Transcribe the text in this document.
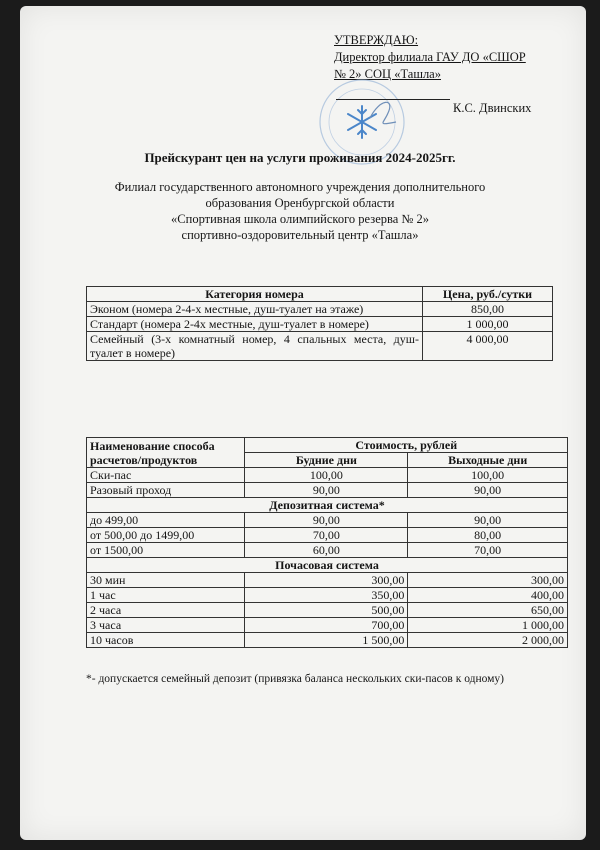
УТВЕРЖДАЮ:
Директор филиала ГАУ ДО «СШОР
№ 2» СОЦ «Ташла»
К.С. Двинских
Прейскурант цен на услуги проживания 2024-2025гг.
Филиал государственного автономного учреждения дополнительного
образования Оренбургской области
«Спортивная школа олимпийского резерва № 2»
спортивно-оздоровительный центр «Ташла»
Категория номера	Цена, руб./сутки
Эконом (номера 2-4-х местные, душ-туалет на этаже)	850,00
Стандарт (номера 2-4х местные, душ-туалет в номере)	1 000,00
Семейный (3-х комнатный номер, 4 спальных места, душ-туалет в номере)	4 000,00
Наименование способа расчетов/продуктов	Стоимость, рублей	
	Будние дни	Выходные дни
Ски-пас	100,00	100,00
Разовый проход	90,00	90,00
Депозитная система*		
до 499,00	90,00	90,00
от 500,00 до 1499,00	70,00	80,00
от 1500,00	60,00	70,00
Почасовая система		
30 мин	300,00	300,00
1 час	350,00	400,00
2 часа	500,00	650,00
3 часа	700,00	1 000,00
10 часов	1 500,00	2 000,00
*- допускается семейный депозит (привязка баланса нескольких ски-пасов к одному)
